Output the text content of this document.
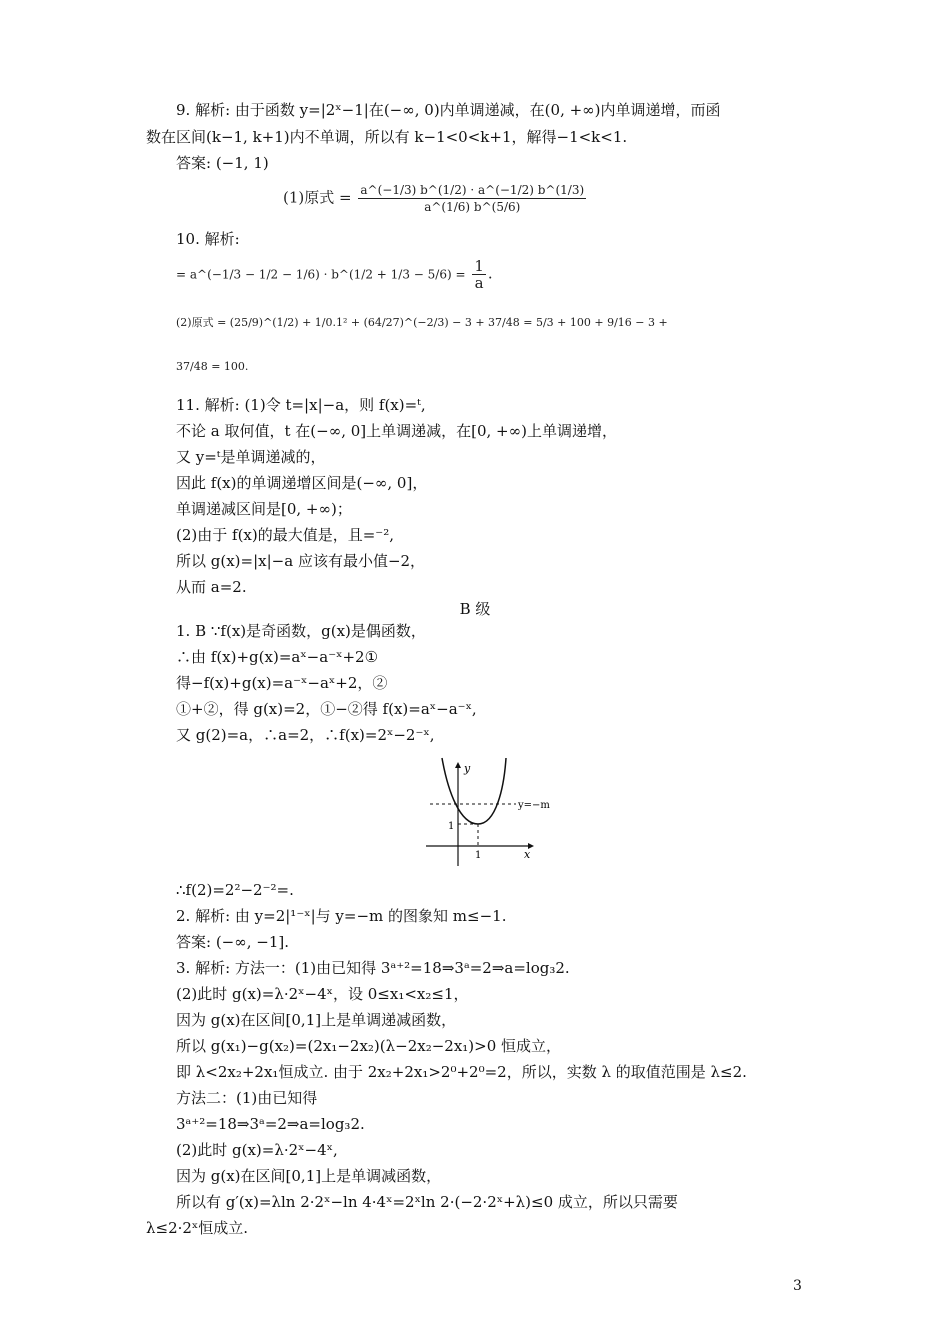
9. 解析: 由于函数 y=|2ˣ−1|在(−∞, 0)内单调递减，在(0, +∞)内单调递增，而函
数在区间(k−1, k+1)内不单调，所以有 k−1<0<k+1，解得−1<k<1.
答案: (−1, 1)
(1)原式 = $\frac{a\^{}(-1/3) b\^{}(1/2) \cdot a\^{}(-1/2) b\^{}(1/3)}{a\^{}(1/6) b\^{}(5/6)}$
10. 解析:
= a^(−1/3 − 1/2 − 1/6) · b^(1/2 + $1/3 - 5/6) = \frac{1}{a}$ .
(2)原式 = (25/9)^(1/2) + 1/0.1² + (64/27)^(−2/3) − 3 + 37/48 = 5/3 + 100 + 9/16 − 3 +
37/48 = 100.
11. 解析: (1)令 t=|x|−a，则 f(x)=ᵗ,
不论 a 取何值，t 在(−∞, 0]上单调递减，在[0, +∞)上单调递增，
又 y=ᵗ是单调递减的，
因此 f(x)的单调递增区间是(−∞, 0]，
单调递减区间是[0, +∞)；
(2)由于 f(x)的最大值是，且=⁻²,
所以 g(x)=|x|−a 应该有最小值−2，
从而 a=2.
B 级
1. B ∵f(x)是奇函数，g(x)是偶函数，
∴由 f(x)+g(x)=aˣ−a⁻ˣ+2①
得−f(x)+g(x)=a⁻ˣ−aˣ+2，②
①+②，得 g(x)=2，①−②得 f(x)=aˣ−a⁻ˣ,
又 g(2)=a，∴a=2，∴f(x)=2ˣ−2⁻ˣ,
y
x
y=−m
1
1
∴f(2)=2²−2⁻²=.
2. 解析: 由 y=2|¹⁻ˣ|与 y=−m 的图象知 m≤−1.
答案: (−∞, −1].
3. 解析: 方法一：(1)由已知得 3ᵃ⁺²=18⇒3ᵃ=2⇒a=log₃2.
(2)此时 g(x)=λ·2ˣ−4ˣ，设 0≤x₁<x₂≤1，
因为 g(x)在区间[0,1]上是单调递减函数，
所以 g(x₁)−g(x₂)=(2x₁−2x₂)(λ−2x₂−2x₁)>0 恒成立，
即 λ<2x₂+2x₁恒成立. 由于 2x₂+2x₁>2⁰+2⁰=2，所以，实数 λ 的取值范围是 λ≤2.
方法二：(1)由已知得
3ᵃ⁺²=18⇒3ᵃ=2⇒a=log₃2.
(2)此时 g(x)=λ·2ˣ−4ˣ,
因为 g(x)在区间[0,1]上是单调减函数，
所以有 g′(x)=λln 2·2ˣ−ln 4·4ˣ=2ˣln 2·(−2·2ˣ+λ)≤0 成立，所以只需要
λ≤2·2ˣ恒成立.
3
